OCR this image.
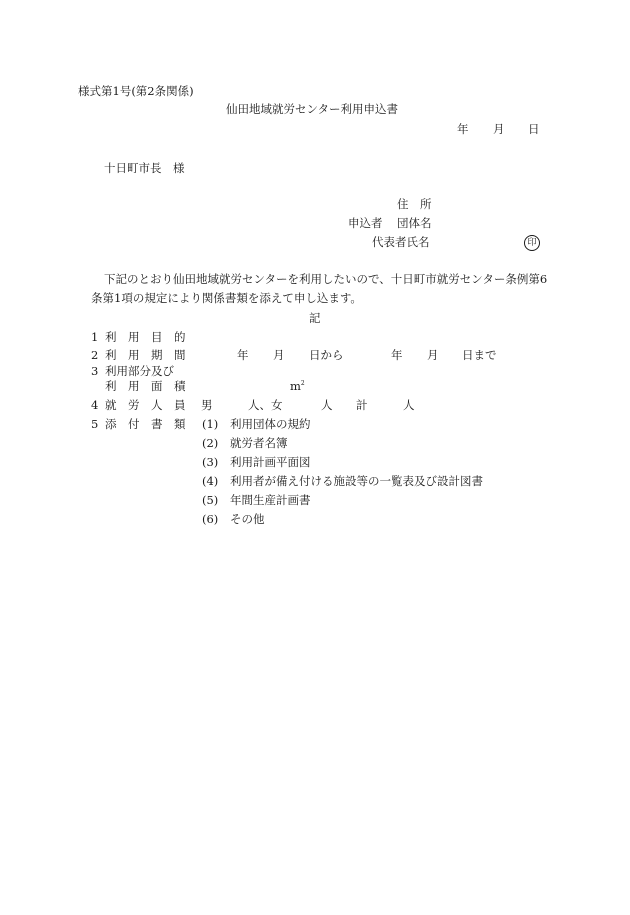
様式第1号(第2条関係)
仙田地域就労センター利用申込書
年 月 日
十日町市長　様
住　所
申込者 団体名
代表者氏名	印
下記のとおり仙田地域就労センターを利用したいので、十日町市就労センター条例第6
条第1項の規定により関係書類を添えて申し込ます。
記
1 利　用　目　的
2 利　用　期　間	年 月 日から	年 月 日まで
3 利用部分及び
利　用　面　積	$m^2$
4 就　労　人　員 男	人、女	人 計	人
5 添　付　書　類 (1) 利用団体の規約
(2) 就労者名簿
(3) 利用計画平面図
(4) 利用者が備え付ける施設等の一覧表及び設計図書
(5) 年間生産計画書
(6) その他
